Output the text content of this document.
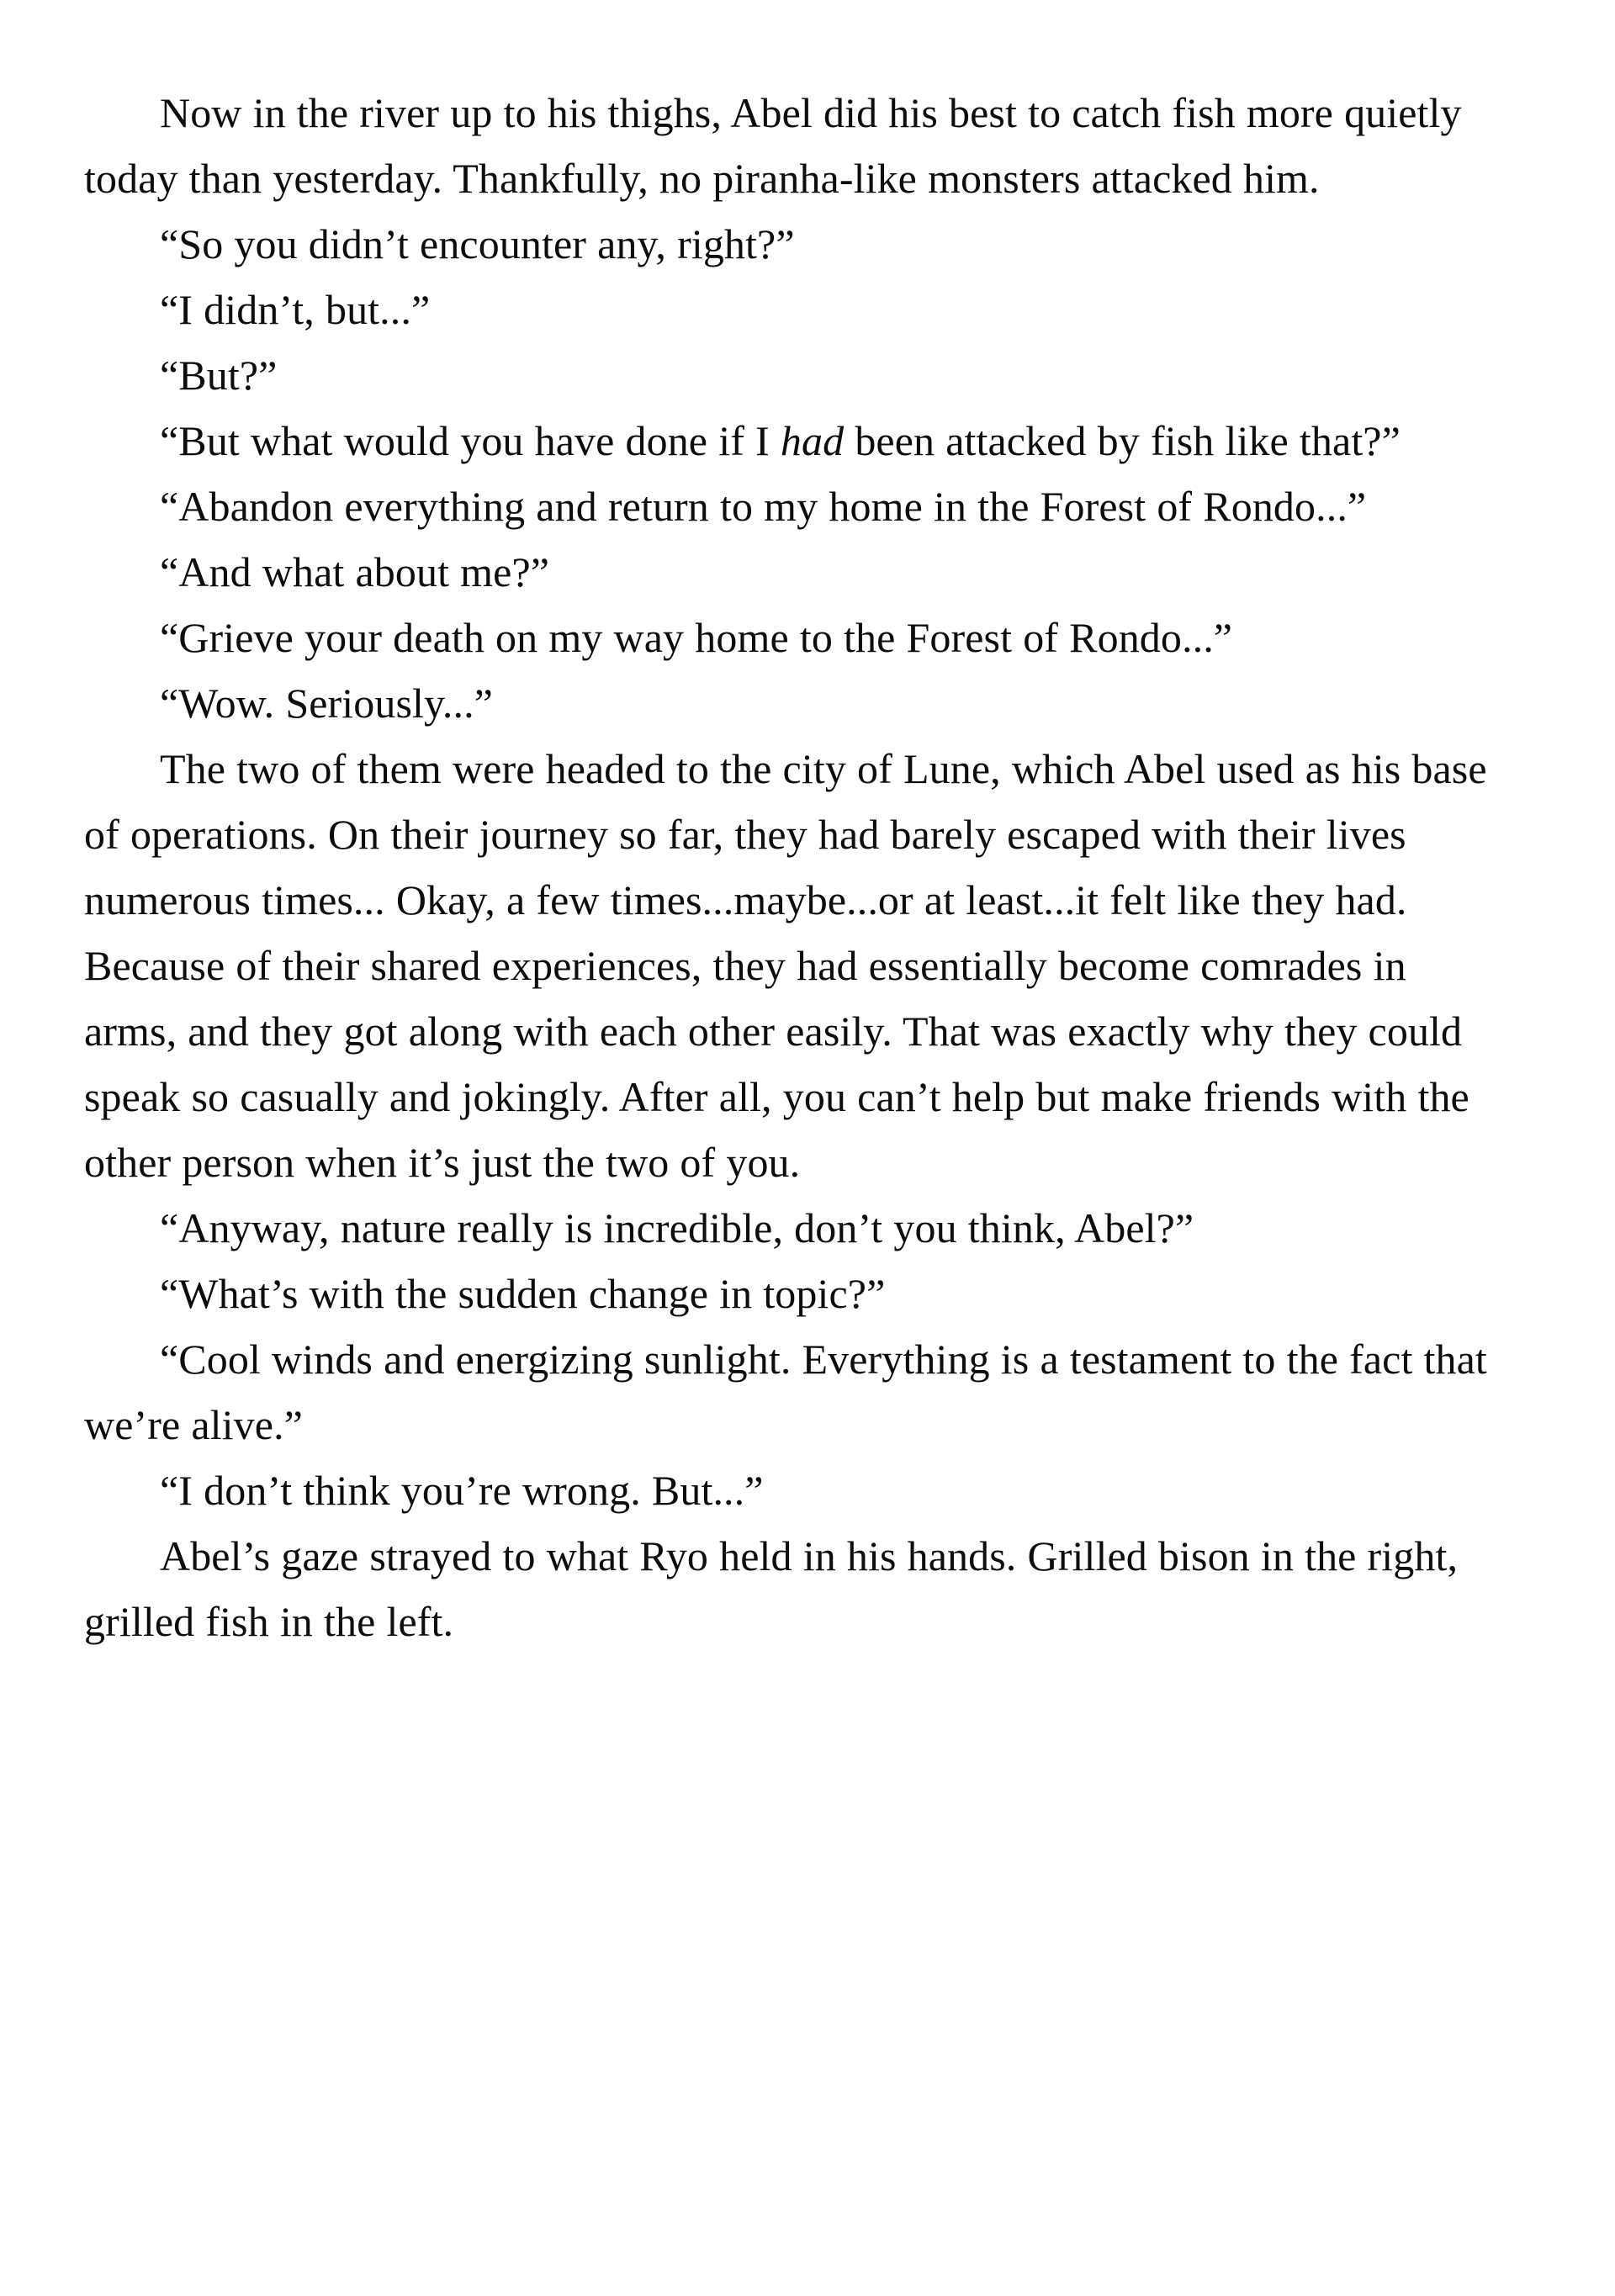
Now in the river up to his thighs, Abel did his best to catch fish more quietly today than yesterday. Thankfully, no piranha-like monsters attacked him.

“So you didn’t encounter any, right?”

“I didn’t, but...”

“But?”

“But what would you have done if I had been attacked by fish like that?”

“Abandon everything and return to my home in the Forest of Rondo...”

“And what about me?”

“Grieve your death on my way home to the Forest of Rondo...”

“Wow. Seriously...”

The two of them were headed to the city of Lune, which Abel used as his base of operations. On their journey so far, they had barely escaped with their lives numerous times... Okay, a few times...maybe...or at least...it felt like they had. Because of their shared experiences, they had essentially become comrades in arms, and they got along with each other easily. That was exactly why they could speak so casually and jokingly. After all, you can’t help but make friends with the other person when it’s just the two of you.

“Anyway, nature really is incredible, don’t you think, Abel?”

“What’s with the sudden change in topic?”

“Cool winds and energizing sunlight. Everything is a testament to the fact that we’re alive.”

“I don’t think you’re wrong. But...”

Abel’s gaze strayed to what Ryo held in his hands. Grilled bison in the right, grilled fish in the left.
